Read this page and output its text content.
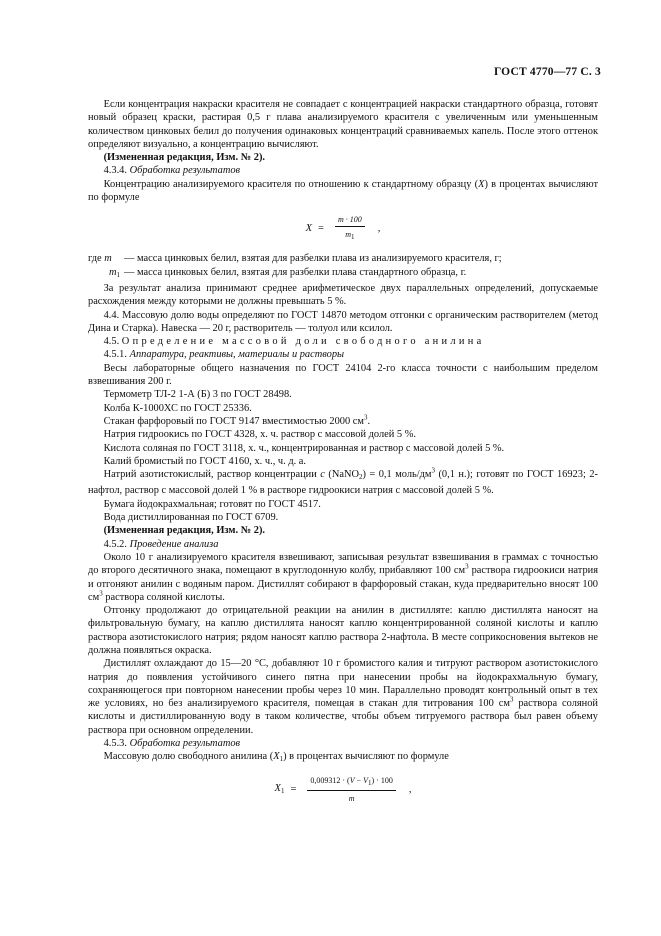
ГОСТ 4770—77 С. 3

Если концентрация накраски красителя не совпадает с концентрацией накраски стандартного образца, готовят новый образец краски, растирая 0,5 г плава анализируемого красителя с увеличенным или уменьшенным количеством цинковых белил до получения одинаковых концентраций сравниваемых капель. После этого оттенок определяют визуально, а концентрацию вычисляют.

(Измененная редакция, Изм. № 2).

4.3.4. Обработка результатов

Концентрацию анализируемого красителя по отношению к стандартному образцу (X) в процентах вычисляют по формуле

$X = \frac{m \cdot 100}{m1}$ ,
где m	— масса цинковых белил, взятая для разбелки плава из анализируемого красителя, г;
$m_1$ — масса цинковых белил, взятая для разбелки плава стандартного образца, г.

За результат анализа принимают среднее арифметическое двух параллельных определений, допускаемые расхождения между которыми не должны превышать 5 %.

4.4. Массовую долю воды определяют по ГОСТ 14870 методом отгонки с органическим растворителем (метод Дина и Старка). Навеска — 20 г, растворитель — толуол или ксилол.

4.5. Определение массовой доли свободного анилина

4.5.1. Аппаратура, реактивы, материалы и растворы

Весы лабораторные общего назначения по ГОСТ 24104 2-го класса точности с наибольшим пределом взвешивания 200 г.

Термометр ТЛ-2 1-А (Б) 3 по ГОСТ 28498.

Колба К-1000ХС по ГОСТ 25336.

Стакан фарфоровый по ГОСТ 9147 вместимостью 2000 $см^3$.

Натрия гидроокись по ГОСТ 4328, х. ч. раствор с массовой долей 5 %.

Кислота соляная по ГОСТ 3118, х. ч., концентрированная и раствор с массовой долей 5 %.

Калий бромистый по ГОСТ 4160, х. ч., ч. д. а.

Натрий азотистокислый, раствор концентрации c (NaNO$_2$) = 0,1 моль/$дм^3$ (0,1 н.); готовят по ГОСТ 16923; 2-нафтол, раствор с массовой долей 1 % в растворе гидроокиси натрия с массовой долей 5 %.

Бумага йодокрахмальная; готовят по ГОСТ 4517.

Вода дистиллированная по ГОСТ 6709.

(Измененная редакция, Изм. № 2).

4.5.2. Проведение анализа

Около 10 г анализируемого красителя взвешивают, записывая результат взвешивания в граммах с точностью до второго десятичного знака, помещают в круглодонную колбу, прибавляют 100 $см^3$ раствора гидроокиси натрия и отгоняют анилин с водяным паром. Дистиллят собирают в фарфоровый стакан, куда предварительно вносят 100 $см^3$ раствора соляной кислоты.

Отгонку продолжают до отрицательной реакции на анилин в дистилляте: каплю дистиллята наносят на фильтровальную бумагу, на каплю дистиллята наносят каплю концентрированной соляной кислоты и каплю раствора азотистокислого натрия; рядом наносят каплю раствора 2-нафтола. В месте соприкосновения вытеков не должна появляться окраска.

Дистиллят охлаждают до 15—20 °С, добавляют 10 г бромистого калия и титруют раствором азотистокислого натрия до появления устойчивого синего пятна при нанесении пробы на йодокрахмальную бумагу, сохраняющегося при повторном нанесении пробы через 10 мин. Параллельно проводят контрольный опыт в тех же условиях, но без анализируемого красителя, помещая в стакан для титрования 100 $см^3$ раствора соляной кислоты и дистиллированную воду в таком количестве, чтобы объем титруемого раствора был равен объему раствора при основном определении.

4.5.3. Обработка результатов

Массовую долю свободного анилина $(X_1)$ в процентах вычисляют по формуле

$X_1 = \frac{0,009312 \cdot (V - V1) \cdot 100}{m}$ ,
